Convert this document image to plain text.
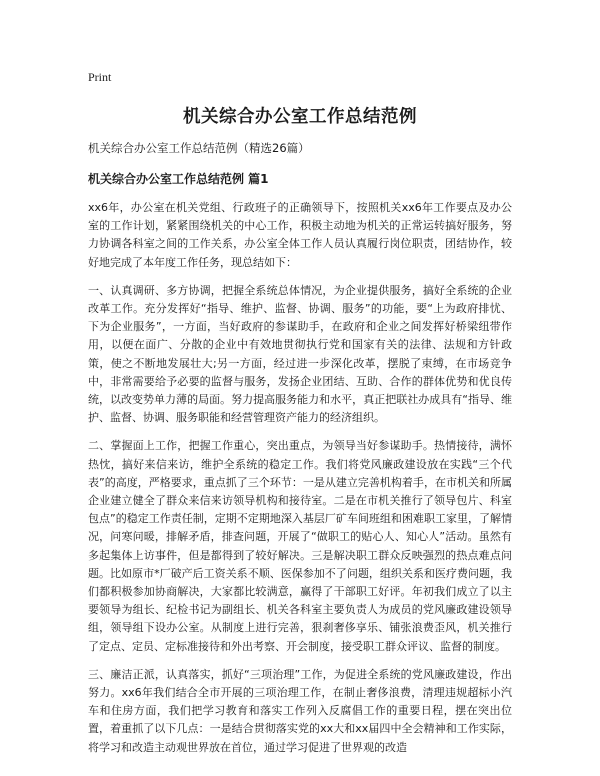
Print
机关综合办公室工作总结范例

机关综合办公室工作总结范例（精选26篇）

机关综合办公室工作总结范例 篇1

xx6年，办公室在机关党组、行政班子的正确领导下，按照机关xx6年工作要点及办公室的工作计划，紧紧围绕机关的中心工作，积极主动地为机关的正常运转搞好服务，努力协调各科室之间的工作关系，办公室全体工作人员认真履行岗位职责，团结协作，较好地完成了本年度工作任务，现总结如下：

一、认真调研、多方协调，把握全系统总体情况，为企业提供服务，搞好全系统的企业改革工作。充分发挥好“指导、维护、监督、协调、服务”的功能，要“上为政府排忧、下为企业服务”，一方面，当好政府的参谋助手，在政府和企业之间发挥好桥梁纽带作用，以便在面广、分散的企业中有效地贯彻执行党和国家有关的法律、法规和方针政策，使之不断地发展壮大;另一方面，经过进一步深化改革，摆脱了束缚，在市场竞争中，非常需要给予必要的监督与服务，发扬企业团结、互助、合作的群体优势和优良传统，以改变势单力薄的局面。努力提高服务能力和水平，真正把联社办成具有“指导、维护、监督、协调、服务职能和经营管理资产能力的经济组织。

二、掌握面上工作，把握工作重心，突出重点，为领导当好参谋助手。热情接待，满怀热忱，搞好来信来访，维护全系统的稳定工作。我们将党风廉政建设放在实践“三个代表”的高度，严格要求，重点抓了三个环节：一是从建立完善机构着手，在市机关和所属企业建立健全了群众来信来访领导机构和接待室。二是在市机关推行了领导包片、科室包点”的稳定工作责任制，定期不定期地深入基层厂矿车间班组和困难职工家里，了解情况，问寒问暖，排解矛盾，排查问题，开展了“做职工的贴心人、知心人”活动。虽然有多起集体上访事件，但是都得到了较好解决。三是解决职工群众反映强烈的热点难点问题。比如原市*厂破产后工资关系不顺、医保参加不了问题，组织关系和医疗费问题，我们都积极参加协商解决，大家都比较满意，赢得了干部职工好评。年初我们成立了以主要领导为组长、纪检书记为副组长、机关各科室主要负责人为成员的党风廉政建设领导组，领导组下设办公室。从制度上进行完善，狠刹奢侈享乐、铺张浪费歪风，机关推行了定点、定员、定标准接待和外出考察、开会制度，接受职工群众评议、监督的制度。

三、廉洁正派，认真落实，抓好“三项治理”工作，为促进全系统的党风廉政建设，作出努力。xx6年我们结合全市开展的三项治理工作，在制止奢侈浪费，清理违规超标小汽车和住房方面，我们把学习教育和落实工作列入反腐倡工作的重要日程，摆在突出位置，着重抓了以下几点：一是结合贯彻落实党的xx大和xx届四中全会精神和工作实际，将学习和改造主动观世界放在首位，通过学习促进了世界观的改造
